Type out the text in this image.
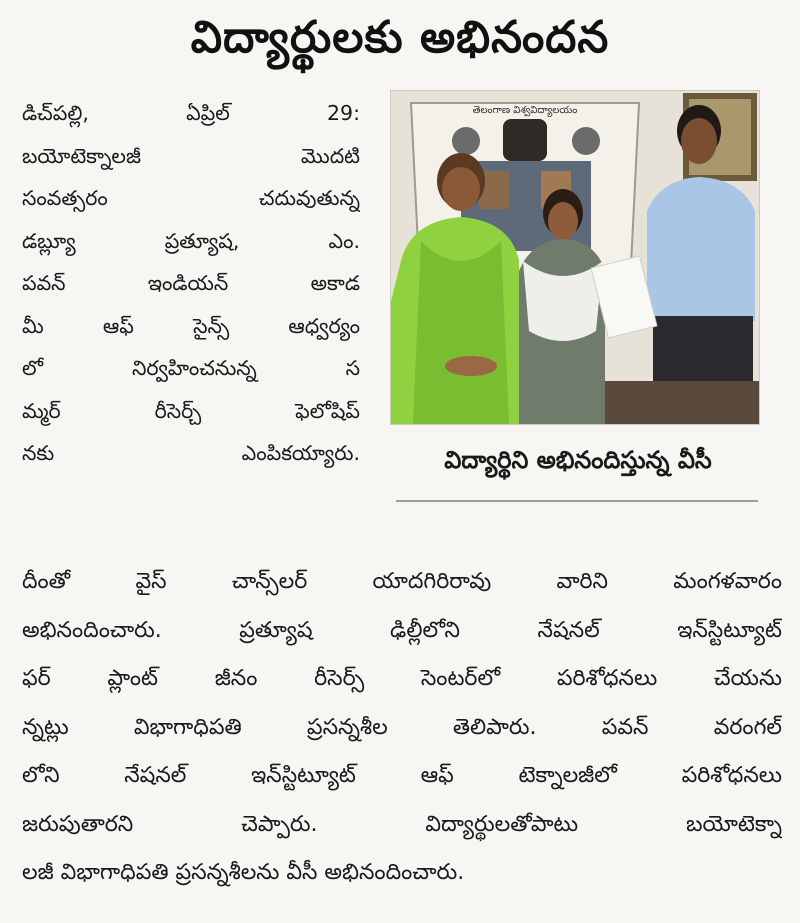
విద్యార్థులకు అభినందన
డిచ్‌పల్లి, ఏప్రిల్ 29:
బయోటెక్నాలజీ మొదటి
సంవత్సరం చదువుతున్న
డబ్ల్యూ ప్రత్యూష, ఎం.
పవన్ ఇండియన్ అకాడ
మీ ఆఫ్ సైన్స్ ఆధ్వర్యం
లో నిర్వహించనున్న స
మ్మర్ రీసెర్చ్ ఫెలోషిప్
నకు ఎంపికయ్యారు.
తెలంగాణ విశ్వవిద్యాలయం
విద్యార్థిని అభినందిస్తున్న వీసీ
దీంతో వైస్ చాన్స్‌లర్ యాదగిరిరావు వారిని మంగళవారం
అభినందించారు. ప్రత్యూష ఢిల్లీలోని నేషనల్ ఇన్‌స్టిట్యూట్
ఫర్ ప్లాంట్ జీనం రీసెర్స్ సెంటర్‌లో పరిశోధనలు చేయను
న్నట్లు విభాగాధిపతి ప్రసన్నశీల తెలిపారు. పవన్ వరంగల్
లోని నేషనల్ ఇన్‌స్టిట్యూట్ ఆఫ్ టెక్నాలజీలో పరిశోధనలు
జరుపుతారని చెప్పారు. విద్యార్థులతోపాటు బయోటెక్నా
లజీ విభాగాధిపతి ప్రసన్నశీలను వీసీ అభినందించారు.
